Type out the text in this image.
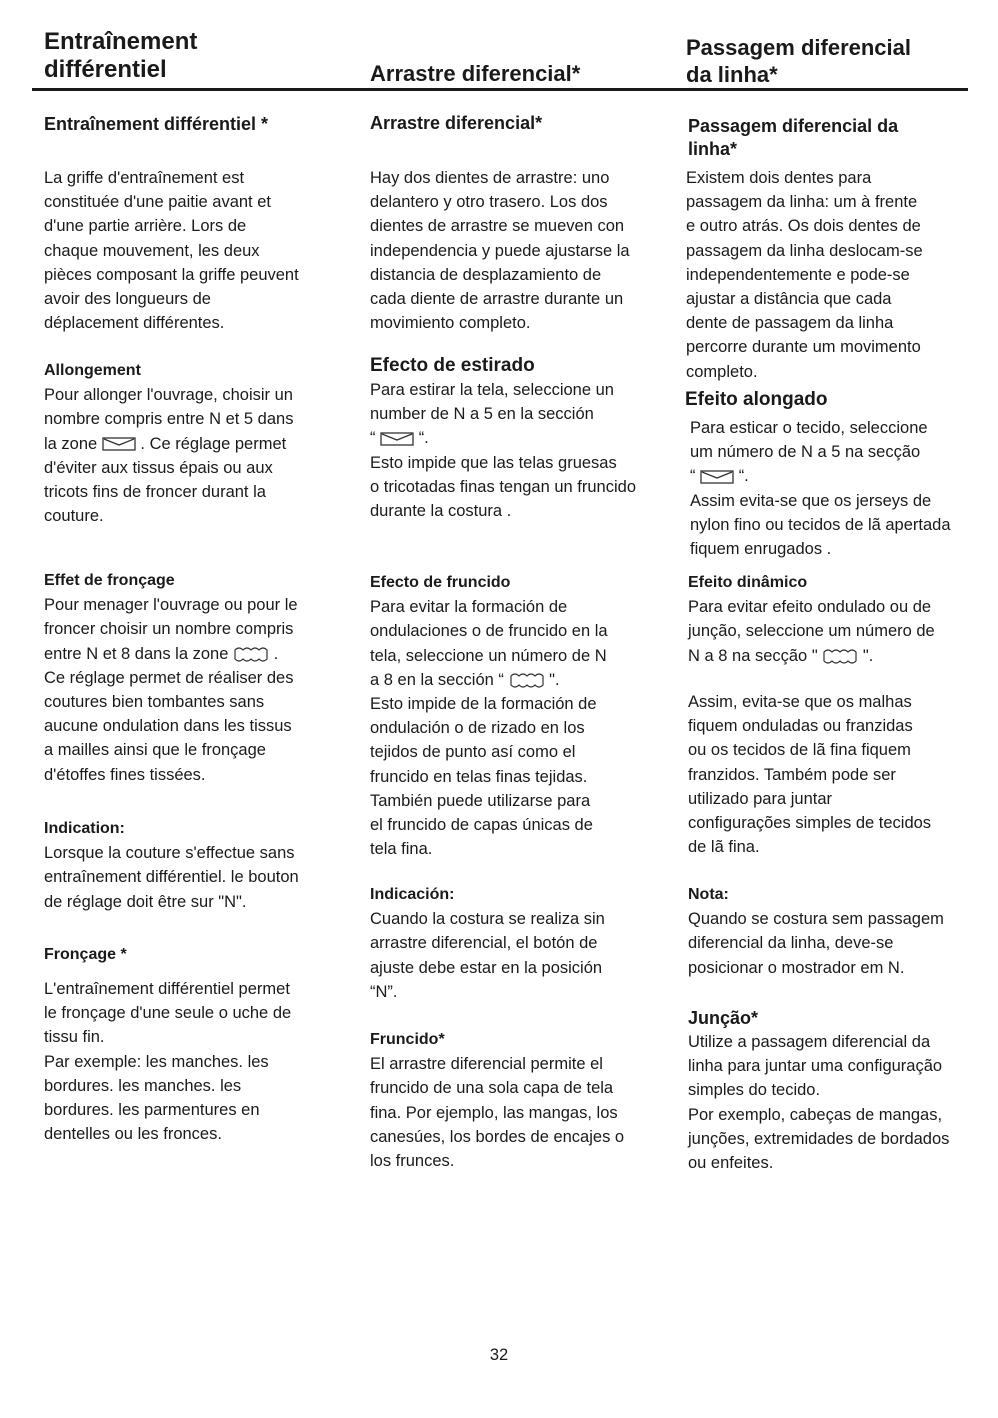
Entraînement

différentiel	Arrastre diferencial*

Passagem diferencial

da linha*

Entraînement différentiel *

La griffe d'entraînement est
constituée d'une paitie avant et
d'une partie arrière. Lors de
chaque mouvement, les deux
pièces composant la griffe peuvent
avoir des longueurs de
déplacement différentes.
Allongement
Pour allonger l'ouvrage, choisir un
nombre compris entre N et 5 dans
la zone	. Ce réglage permet
d'éviter aux tissus épais ou aux
tricots fins de froncer durant la
couture.
Effet de fronçage
Pour menager l'ouvrage ou pour le
froncer choisir un nombre compris
entre N et 8 dans la zone	.
Ce réglage permet de réaliser des
coutures bien tombantes sans
aucune ondulation dans les tissus
a mailles ainsi que le fronçage
d'étoffes fines tissées.
Indication:
Lorsque la couture s'effectue sans
entraînement différentiel. le bouton
de réglage doit être sur "N".

Fronçage *

L'entraînement différentiel permet
le fronçage d'une seule o uche de
tissu fin.
Par exemple: les manches. les
bordures. les manches. les
bordures. les parmentures en
dentelles ou les fronces.

Arrastre diferencial*

Hay dos dientes de arrastre: uno
delantero y otro trasero. Los dos
dientes de arrastre se mueven con
independencia y puede ajustarse la
distancia de desplazamiento de
cada diente de arrastre durante un
movimiento completo.
Efecto de estirado
Para estirar la tela, seleccione un
number de N a 5 en la sección
“	“.
Esto impide que las telas gruesas
o tricotadas finas tengan un fruncido
durante la costura .
Efecto de fruncido
Para evitar la formación de
ondulaciones o de fruncido en la
tela, seleccione un número de N
a 8 en la sección “	".
Esto impide de la formación de
ondulación o de rizado en los
tejidos de punto así como el
fruncido en telas finas tejidas.
También puede utilizarse para
el fruncido de capas únicas de
tela fina.
Indicación:
Cuando la costura se realiza sin
arrastre diferencial, el botón de
ajuste debe estar en la posición
“N”.
Fruncido*
El arrastre diferencial permite el
fruncido de una sola capa de tela
fina. Por ejemplo, las mangas, los
canesúes, los bordes de encajes o
los frunces.
Passagem diferencial da
linha*
Existem dois dentes para
passagem da linha: um à frente
e outro atrás. Os dois dentes de
passagem da linha deslocam-se
independentemente e pode-se
ajustar a distância que cada
dente de passagem da linha
percorre durante um movimento
completo.
Efeito alongado
Para esticar o tecido, seleccione
um número de N a 5 na secção
“	“.
Assim evita-se que os jerseys de
nylon fino ou tecidos de lã apertada
fiquem enrugados .
Efeito dinâmico
Para evitar efeito ondulado ou de
junção, seleccione um número de
N a 8 na secção "	".
Assim, evita-se que os malhas
fiquem onduladas ou franzidas
ou os tecidos de lã fina fiquem
franzidos. Também pode ser
utilizado para juntar
configurações simples de tecidos
de lã fina.
Nota:
Quando se costura sem passagem
diferencial da linha, deve-se
posicionar o mostrador em N.
Junção*
Utilize a passagem diferencial da
linha para juntar uma configuração
simples do tecido.
Por exemplo, cabeças de mangas,
junções, extremidades de bordados
ou enfeites.
32
